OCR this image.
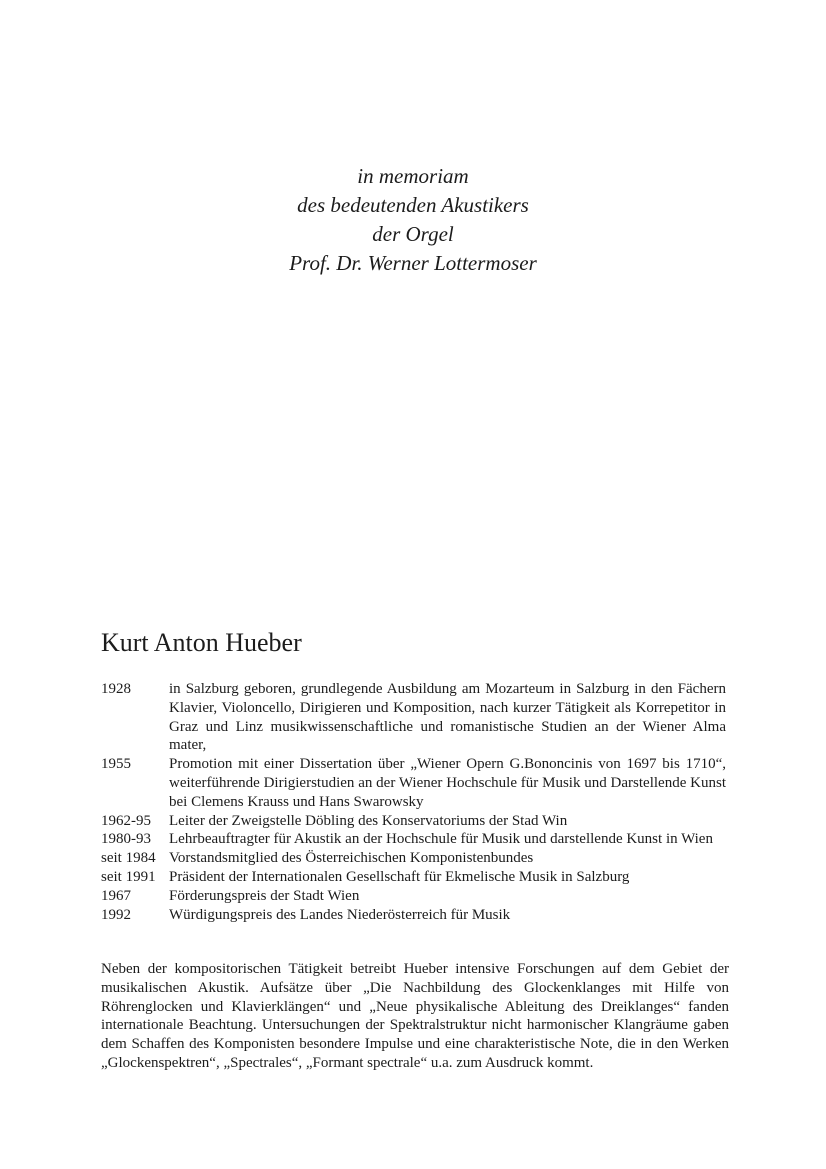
in memoriam
des bedeutenden Akustikers
der Orgel
Prof. Dr. Werner Lottermoser
Kurt Anton Hueber
1928	in Salzburg geboren, grundlegende Ausbildung am Mozarteum in Salzburg in den Fächern Klavier, Violoncello, Dirigieren und Komposition, nach kurzer Tätigkeit als Korrepetitor in Graz und Linz musikwissenschaftliche und romanistische Studien an der Wiener Alma mater,
1955	Promotion mit einer Dissertation über „Wiener Opern G.Bononcinis von 1697 bis 1710“, weiterführende Dirigierstudien an der Wiener Hochschule für Musik und Darstellende Kunst bei Clemens Krauss und Hans Swarowsky
1962-95	Leiter der Zweigstelle Döbling des Konservatoriums der Stad Win
1980-93	Lehrbeauftragter für Akustik an der Hochschule für Musik und darstellende Kunst in Wien
seit 1984 Vorstandsmitglied des Österreichischen Komponistenbundes
seit 1991 Präsident der Internationalen Gesellschaft für Ekmelische Musik in Salzburg
1967	Förderungspreis der Stadt Wien
1992	Würdigungspreis des Landes Niederösterreich für Musik

Neben der kompositorischen Tätigkeit betreibt Hueber intensive Forschungen auf dem Gebiet der musikalischen Akustik. Aufsätze über „Die Nachbildung des Glockenklanges mit Hilfe von Röhrenglocken und Klavierklängen“ und „Neue physikalische Ableitung des Dreiklanges“ fanden internationale Beachtung. Untersuchungen der Spektralstruktur nicht harmonischer Klangräume gaben dem Schaffen des Komponisten besondere Impulse und eine charakteristische Note, die in den Werken „Glockenspektren“, „Spectrales“, „Formant spectrale“ u.a. zum Ausdruck kommt.
